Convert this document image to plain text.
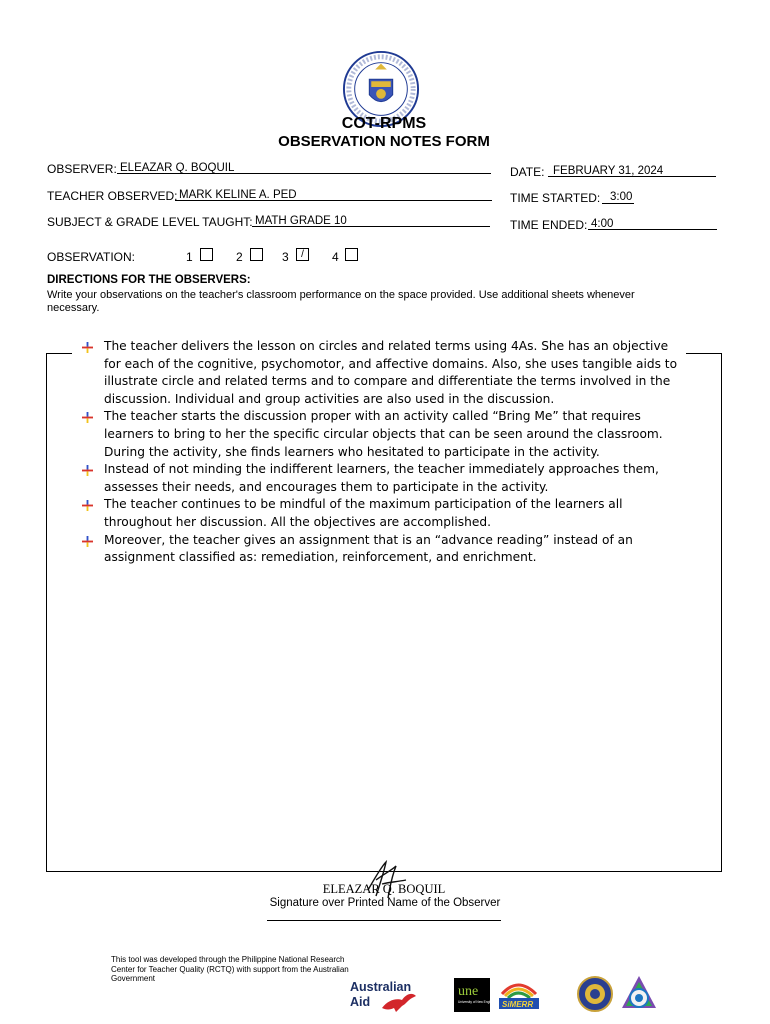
COT-RPMS
OBSERVATION NOTES FORM
OBSERVER: ELEAZAR Q. BOQUIL
TEACHER OBSERVED: MARK KELINE A. PED
SUBJECT & GRADE LEVEL TAUGHT: MATH GRADE 10
DATE: FEBRUARY 31, 2024
TIME STARTED: 3:00
TIME ENDED: 4:00
OBSERVATION:	1	2	3	/	4
DIRECTIONS FOR THE OBSERVERS:
Write your observations on the teacher's classroom performance on the space provided. Use additional sheets whenever necessary.
The teacher delivers the lesson on circles and related terms using 4As. She has an objective for each of the cognitive, psychomotor, and affective domains. Also, she uses tangible aids to illustrate circle and related terms and to compare and differentiate the terms involved in the discussion. Individual and group activities are also used in the discussion.
The teacher starts the discussion proper with an activity called “Bring Me” that requires learners to bring to her the specific circular objects that can be seen around the classroom. During the activity, she finds learners who hesitated to participate in the activity.
Instead of not minding the indifferent learners, the teacher immediately approaches them, assesses their needs, and encourages them to participate in the activity.
The teacher continues to be mindful of the maximum participation of the learners all throughout her discussion. All the objectives are accomplished.
Moreover, the teacher gives an assignment that is an “advance reading” instead of an assignment classified as: remediation, reinforcement, and enrichment.
ELEAZAR Q. BOQUIL
Signature over Printed Name of the Observer
This tool was developed through the Philippine National Research Center for Teacher Quality (RCTQ) with support from the Australian Government
Australian
Aid
une
University of New England SiMERR
